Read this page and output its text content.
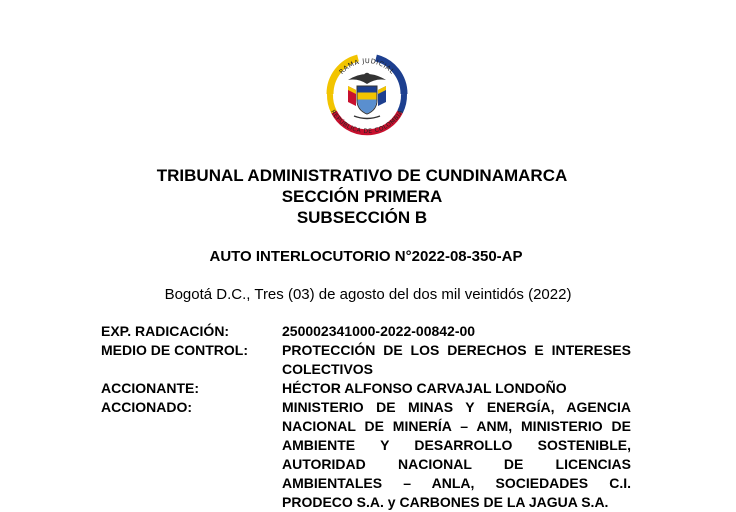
RAMA JUDICIAL
REPÚBLICA DE COLOMBIA
TRIBUNAL ADMINISTRATIVO DE CUNDINAMARCA
SECCIÓN PRIMERA
SUBSECCIÓN B
AUTO INTERLOCUTORIO N°2022-08-350-AP
Bogotá D.C., Tres (03) de agosto del dos mil veintidós (2022)
EXP. RADICACIÓN:	250002341000-2022-00842-00
MEDIO DE CONTROL:	PROTECCIÓN DE LOS DERECHOS E INTERESES COLECTIVOS
ACCIONANTE:	HÉCTOR ALFONSO CARVAJAL LONDOÑO
ACCIONADO:	MINISTERIO DE MINAS Y ENERGÍA, AGENCIA NACIONAL DE MINERÍA – ANM, MINISTERIO DE AMBIENTE Y DESARROLLO SOSTENIBLE, AUTORIDAD NACIONAL DE LICENCIAS AMBIENTALES – ANLA, SOCIEDADES C.I. PRODECO S.A. y CARBONES DE LA JAGUA S.A.
